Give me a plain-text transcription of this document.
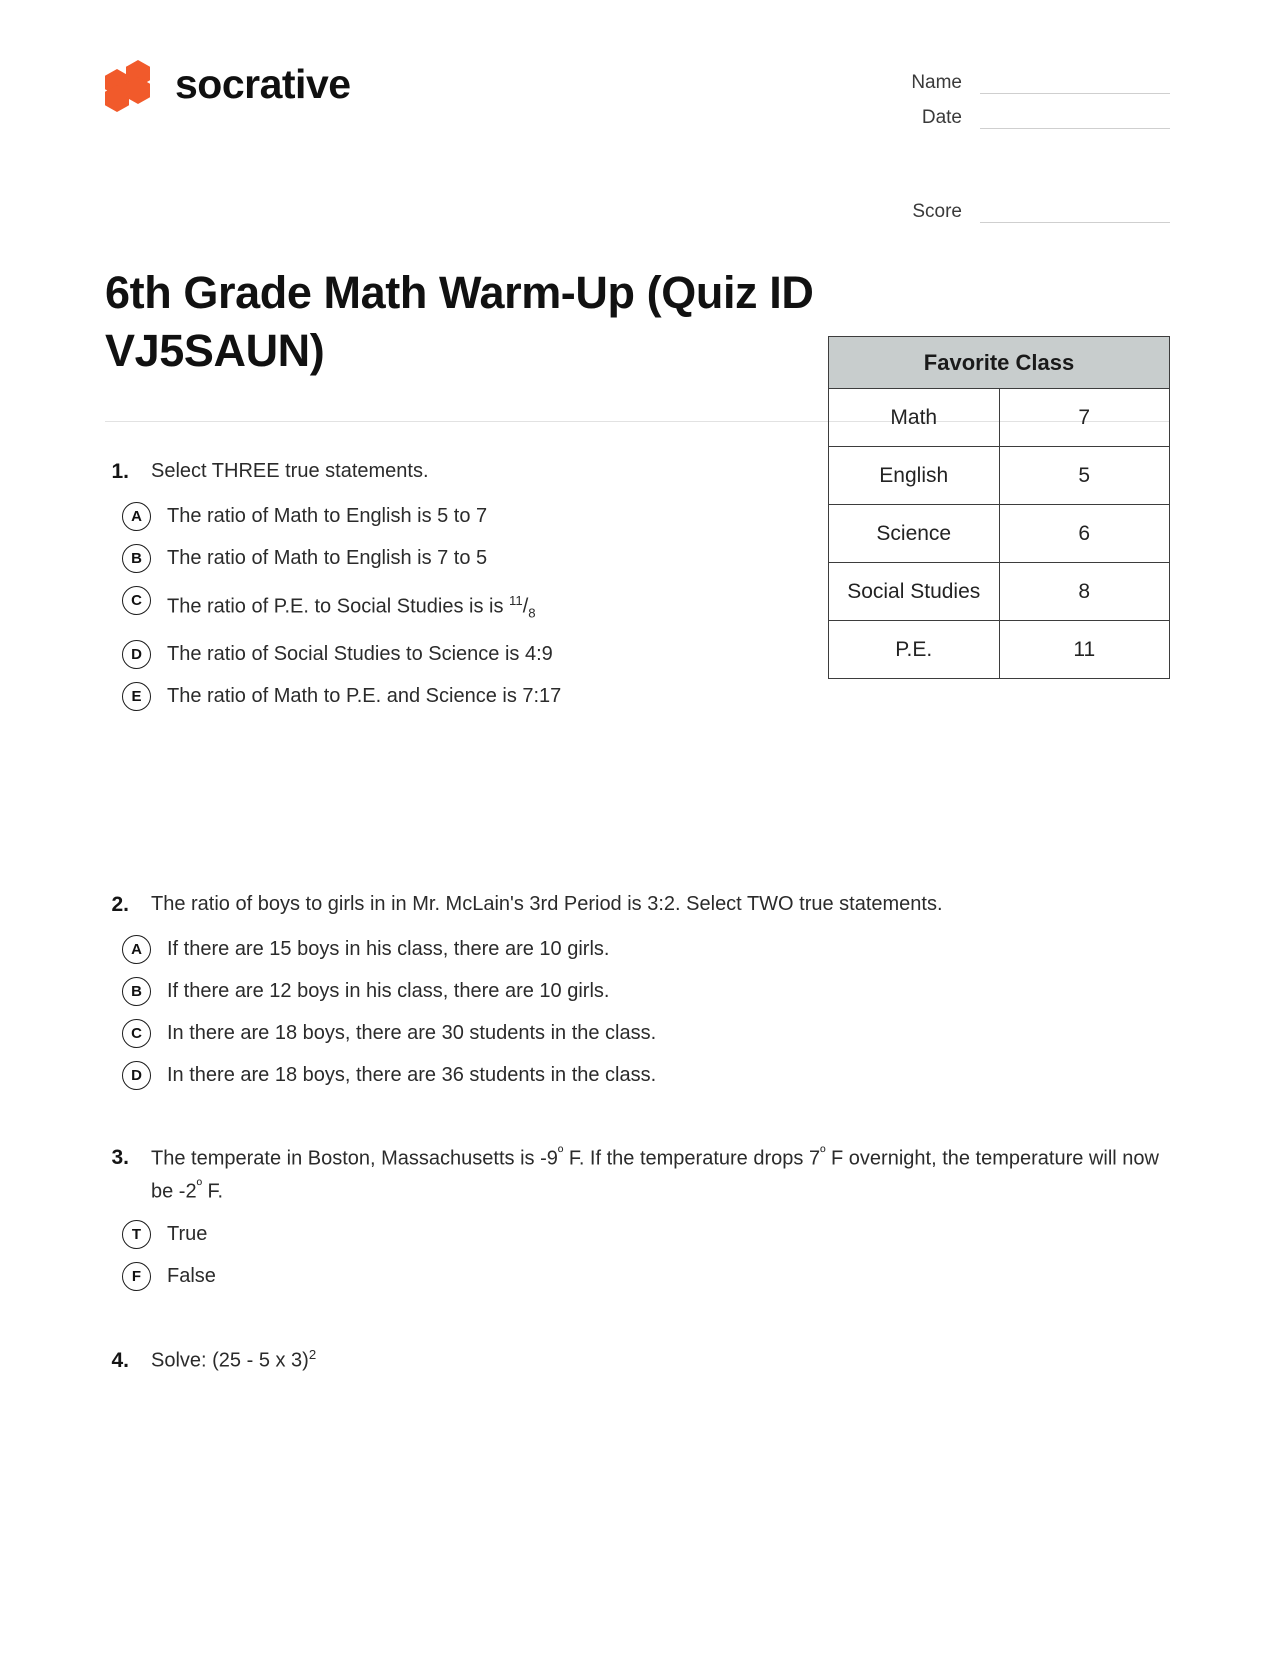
socrative	Name
Date
Score
6th Grade Math Warm-Up (Quiz ID VJ5SAUN)
1.	Select THREE true statements.
A	The ratio of Math to English is 5 to 7
B	The ratio of Math to English is 7 to 5
C	The ratio of P.E. to Social Studies is is $^{11}/_8$
D	The ratio of Social Studies to Science is 4:9
E	The ratio of Math to P.E. and Science is 7:17
2.	The ratio of boys to girls in in Mr. McLain's 3rd Period is 3:2. Select TWO true statements.
A	If there are 15 boys in his class, there are 10 girls.
B	If there are 12 boys in his class, there are 10 girls.
C	In there are 18 boys, there are 30 students in the class.
D	In there are 18 boys, there are 36 students in the class.
3.	The temperate in Boston, Massachusetts is $-9^º$ F. If the temperature drops $7^º$ F overnight, the temperature will now be $-2^º$ F.
T	True
F	False
4.	Solve: (25 - 5 x 3)$^2$
Favorite Class	
Math	7
English	5
Science	6
Social Studies	8
P.E.	11
